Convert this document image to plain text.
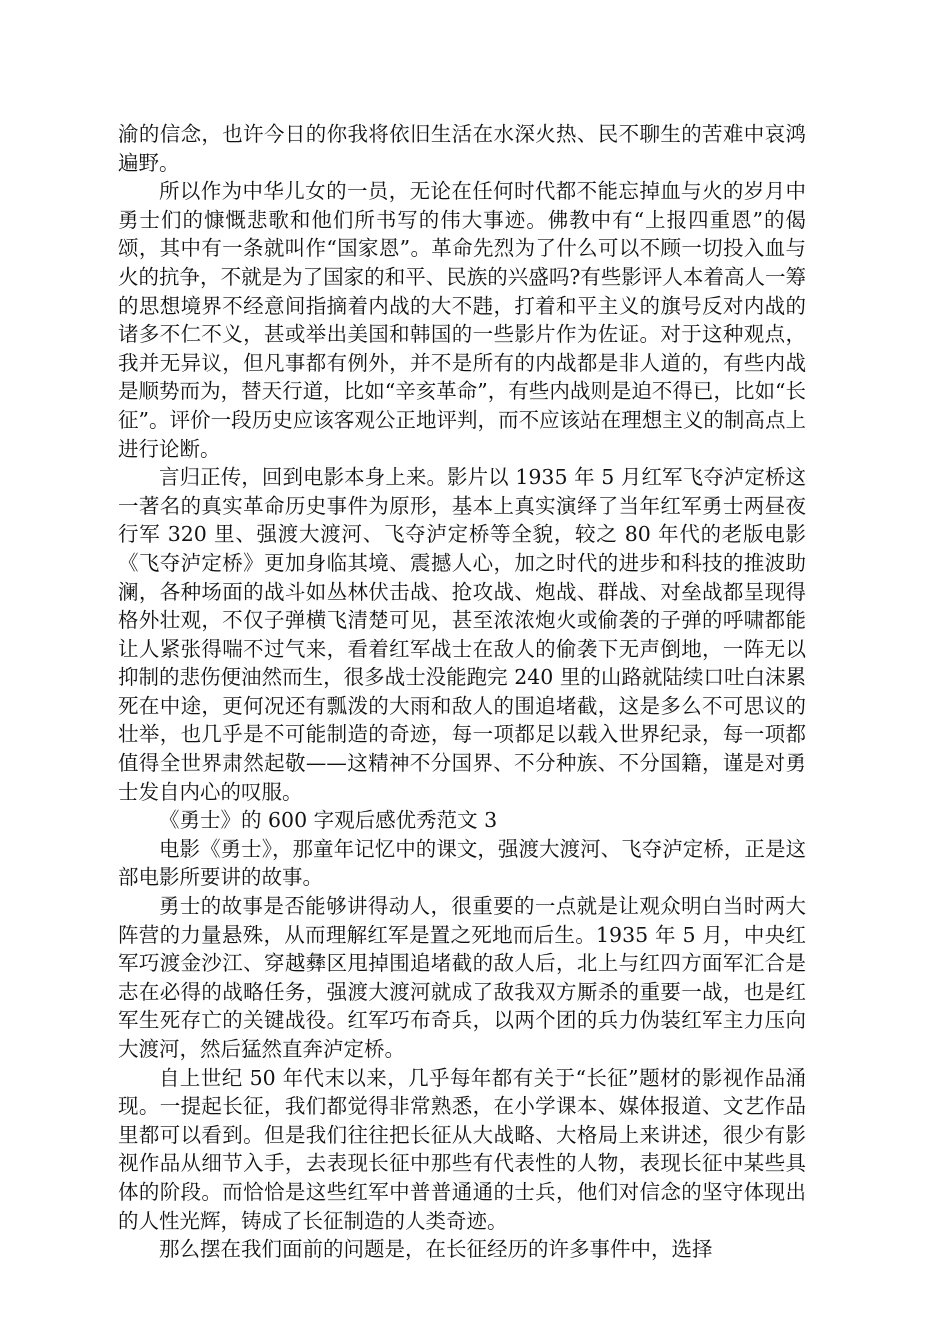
渝的信念，也许今日的你我将依旧生活在水深火热、民不聊生的苦难中哀鸿遍野。

所以作为中华儿女的一员，无论在任何时代都不能忘掉血与火的岁月中勇士们的慷慨悲歌和他们所书写的伟大事迹。佛教中有“上报四重恩”的偈颂，其中有一条就叫作“国家恩”。革命先烈为了什么可以不顾一切投入血与火的抗争，不就是为了国家的和平、民族的兴盛吗?有些影评人本着高人一筹的思想境界不经意间指摘着内战的大不韪，打着和平主义的旗号反对内战的诸多不仁不义，甚或举出美国和韩国的一些影片作为佐证。对于这种观点，我并无异议，但凡事都有例外，并不是所有的内战都是非人道的，有些内战是顺势而为，替天行道，比如“辛亥革命”，有些内战则是迫不得已，比如“长征”。评价一段历史应该客观公正地评判，而不应该站在理想主义的制高点上进行论断。

言归正传，回到电影本身上来。影片以 1935 年 5 月红军飞夺泸定桥这一著名的真实革命历史事件为原形，基本上真实演绎了当年红军勇士两昼夜行军 320 里、强渡大渡河、飞夺泸定桥等全貌，较之 80 年代的老版电影《飞夺泸定桥》更加身临其境、震撼人心，加之时代的进步和科技的推波助澜，各种场面的战斗如丛林伏击战、抢攻战、炮战、群战、对垒战都呈现得格外壮观，不仅子弹横飞清楚可见，甚至浓浓炮火或偷袭的子弹的呼啸都能让人紧张得喘不过气来，看着红军战士在敌人的偷袭下无声倒地，一阵无以抑制的悲伤便油然而生，很多战士没能跑完 240 里的山路就陆续口吐白沫累死在中途，更何况还有瓢泼的大雨和敌人的围追堵截，这是多么不可思议的壮举，也几乎是不可能制造的奇迹，每一项都足以载入世界纪录，每一项都值得全世界肃然起敬——这精神不分国界、不分种族、不分国籍，谨是对勇士发自内心的叹服。

《勇士》的 600 字观后感优秀范文 3

电影《勇士》，那童年记忆中的课文，强渡大渡河、飞夺泸定桥，正是这部电影所要讲的故事。

勇士的故事是否能够讲得动人，很重要的一点就是让观众明白当时两大阵营的力量悬殊，从而理解红军是置之死地而后生。1935 年 5 月，中央红军巧渡金沙江、穿越彝区甩掉围追堵截的敌人后，北上与红四方面军汇合是志在必得的战略任务，强渡大渡河就成了敌我双方厮杀的重要一战，也是红军生死存亡的关键战役。红军巧布奇兵，以两个团的兵力伪装红军主力压向大渡河，然后猛然直奔泸定桥。

自上世纪 50 年代末以来，几乎每年都有关于“长征”题材的影视作品涌现。一提起长征，我们都觉得非常熟悉，在小学课本、媒体报道、文艺作品里都可以看到。但是我们往往把长征从大战略、大格局上来讲述，很少有影视作品从细节入手，去表现长征中那些有代表性的人物，表现长征中某些具体的阶段。而恰恰是这些红军中普普通通的士兵，他们对信念的坚守体现出的人性光辉，铸成了长征制造的人类奇迹。

那么摆在我们面前的问题是，在长征经历的许多事件中，选择
